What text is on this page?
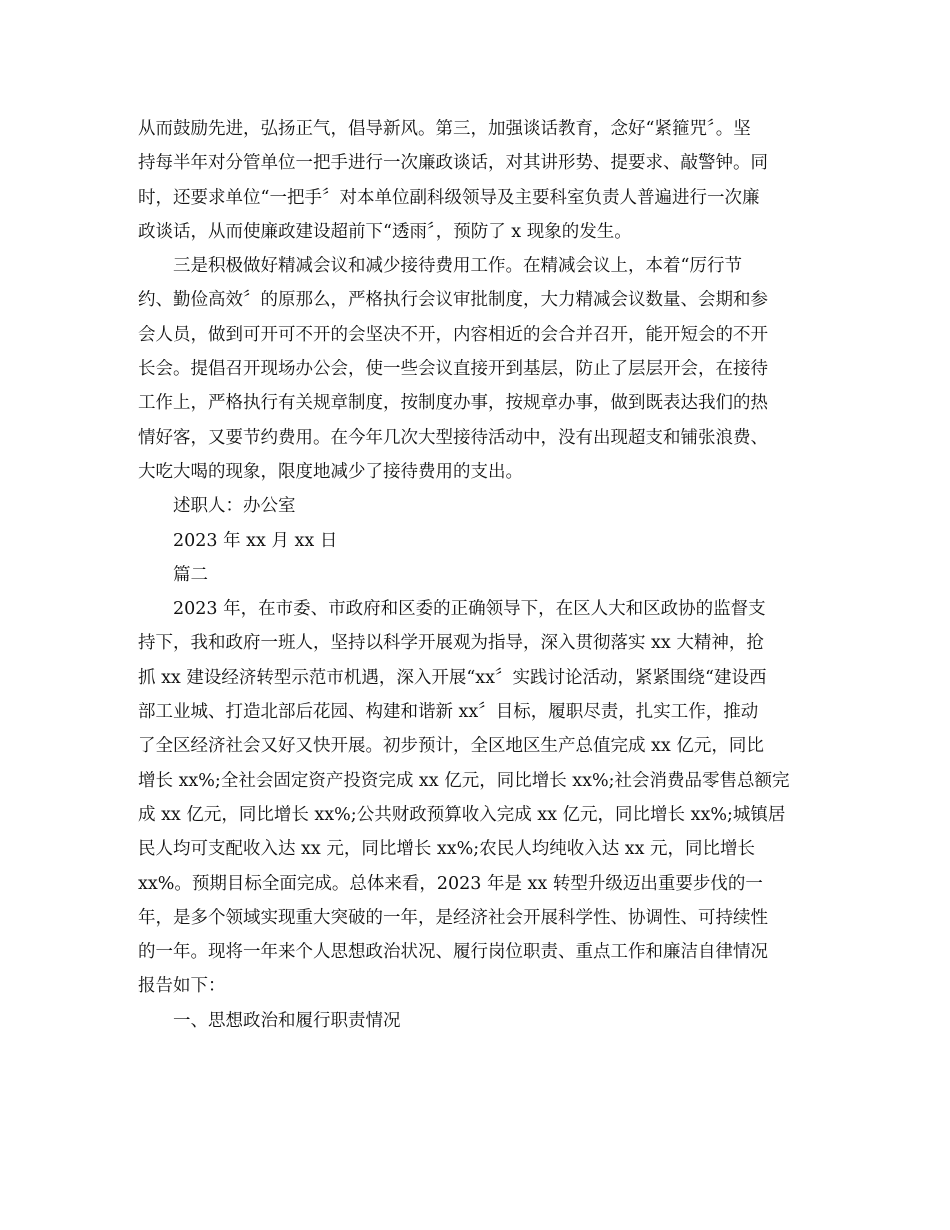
从而鼓励先进，弘扬正气，倡导新风。第三，加强谈话教育，念好“紧箍咒〞。坚
持每半年对分管单位一把手进行一次廉政谈话，对其讲形势、提要求、敲警钟。同
时，还要求单位“一把手〞对本单位副科级领导及主要科室负责人普遍进行一次廉
政谈话，从而使廉政建设超前下“透雨〞，预防了 x 现象的发生。
三是积极做好精减会议和减少接待费用工作。在精减会议上，本着“厉行节
约、勤俭高效〞的原那么，严格执行会议审批制度，大力精减会议数量、会期和参
会人员，做到可开可不开的会坚决不开，内容相近的会合并召开，能开短会的不开
长会。提倡召开现场办公会，使一些会议直接开到基层，防止了层层开会，在接待
工作上，严格执行有关规章制度，按制度办事，按规章办事，做到既表达我们的热
情好客，又要节约费用。在今年几次大型接待活动中，没有出现超支和铺张浪费、
大吃大喝的现象，限度地减少了接待费用的支出。
述职人：办公室
2023 年 xx 月 xx 日
篇二
2023 年，在市委、市政府和区委的正确领导下，在区人大和区政协的监督支
持下，我和政府一班人，坚持以科学开展观为指导，深入贯彻落实 xx 大精神，抢
抓 xx 建设经济转型示范市机遇，深入开展“xx〞实践讨论活动，紧紧围绕“建设西
部工业城、打造北部后花园、构建和谐新 xx〞目标，履职尽责，扎实工作，推动
了全区经济社会又好又快开展。初步预计，全区地区生产总值完成 xx 亿元，同比
增长 xx%;全社会固定资产投资完成 xx 亿元，同比增长 xx%;社会消费品零售总额完
成 xx 亿元，同比增长 xx%;公共财政预算收入完成 xx 亿元，同比增长 xx%;城镇居
民人均可支配收入达 xx 元，同比增长 xx%;农民人均纯收入达 xx 元，同比增长
xx%。预期目标全面完成。总体来看，2023 年是 xx 转型升级迈出重要步伐的一
年，是多个领域实现重大突破的一年，是经济社会开展科学性、协调性、可持续性
的一年。现将一年来个人思想政治状况、履行岗位职责、重点工作和廉洁自律情况
报告如下：
一、思想政治和履行职责情况
